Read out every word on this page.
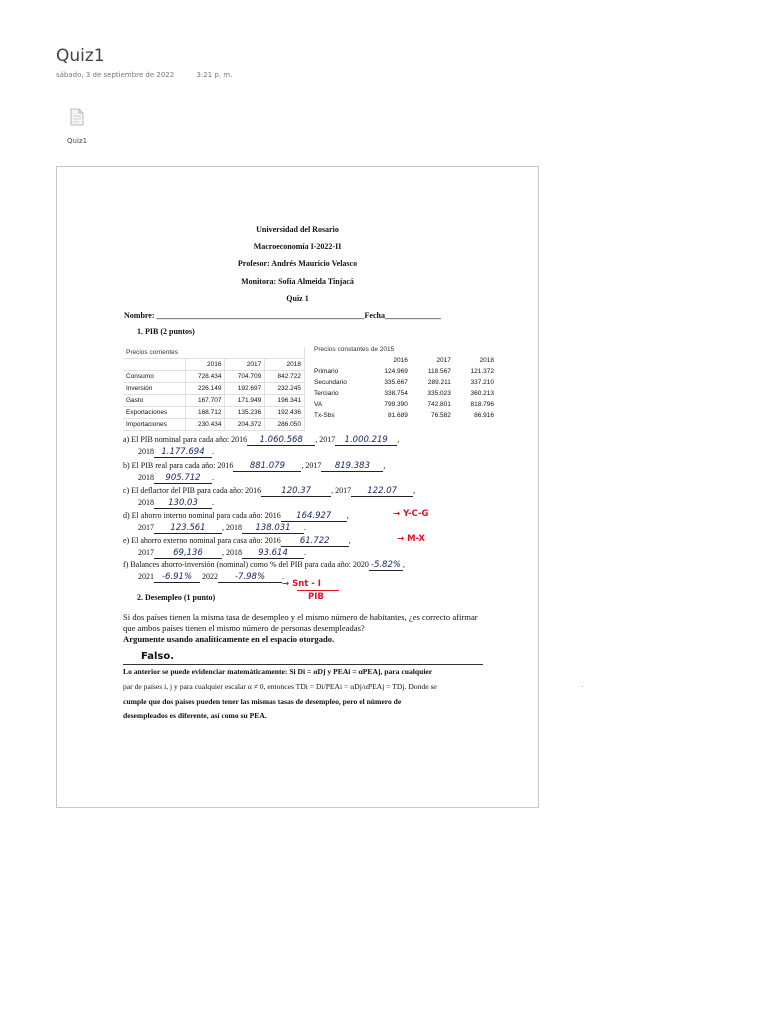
Quiz1
sábado, 3 de septiembre de 2022	3:21 p. m.
Quiz1
·
Universidad del Rosario
Macroeconomía I-2022-II
Profesor: Andrés Mauricio Velasco
Monitora: Sofía Almeida Tinjacá
Quiz 1
Nombre: ____________________________________________________Fecha______________
1. PIB (2 puntos)
Precios corrientes			
	2016	2017	2018
Consumo	728.434	704.709	842.722
Inversión	226.149	192.697	232.245
Gasto	167.707	171.949	196.341
Exportaciones	168.712	135.236	192.436
Importaciones	230.434	204.372	286.050
Precios constantes de 2015			
	2016	2017	2018
Primario	124.969	118.567	121.372
Secundario	335.667	289.211	337.210
Terciario	338.754	335.023	360.213
VA	799.390	742.801	818.796
Tx-Sbs	81.689	76.582	86.916
a) El PIB nominal para cada año: 2016 1.060.568 , 2017 1.000.219 ,
2018 1.177.694 .
b) El PIB real para cada año: 2016 881.079 , 2017 819.383 ,
2018 905.712 .
c) El deflactor del PIB para cada año: 2016 120.37	, 2017 122.07 ,
2018 130.03 .
d) El ahorro interno nominal para cada año: 2016 164.927 ,	→ Y-C-G
2017 123.561 , 2018 138.031 .
e) El ahorro externo nominal para casa año: 2016 61.722 ,	→ M-X
2017 69,136 , 2018 93.614 .
f) Balances ahorro-inversión (nominal) como % del PIB para cada año: 2020 -5.82% ,
2021 -6.91% 2022 -7.98% .
→ Snt - I
PIB
2. Desempleo (1 punto)
Si dos países tienen la misma tasa de desempleo y el mismo número de habitantes, ¿es correcto afirmar que ambos países tienen el mismo número de personas desempleadas?
Argumente usando analíticamente en el espacio otorgado.
Falso.
Lo anterior se puede evidenciar matemáticamente: Si Di = αDj y PEAi = αPEAj, para cualquier
par de países i, j y para cualquier escalar α ≠ 0, entonces TDi = Di/PEAi = αDj/αPEAj = TDj. Donde se
cumple que dos países pueden tener las mismas tasas de desempleo, pero el número de
desempleados es diferente, así como su PEA.
